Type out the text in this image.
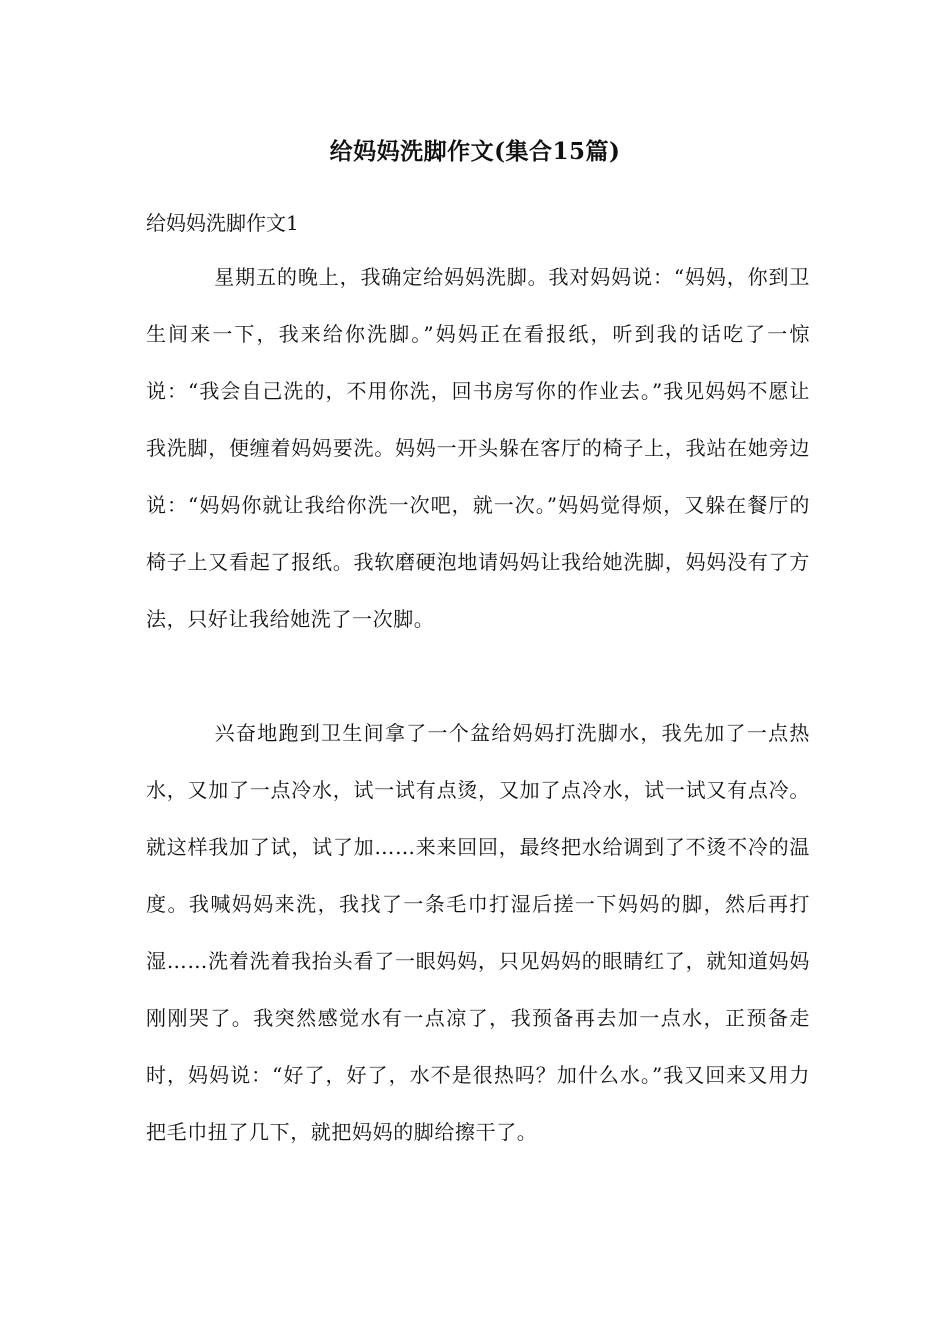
给妈妈洗脚作文(集合15篇)
给妈妈洗脚作文1

星期五的晚上，我确定给妈妈洗脚。我对妈妈说：“妈妈，你到卫生间来一下，我来给你洗脚。”妈妈正在看报纸，听到我的话吃了一惊说：“我会自己洗的，不用你洗，回书房写你的作业去。”我见妈妈不愿让我洗脚，便缠着妈妈要洗。妈妈一开头躲在客厅的椅子上，我站在她旁边说：“妈妈你就让我给你洗一次吧，就一次。”妈妈觉得烦，又躲在餐厅的椅子上又看起了报纸。我软磨硬泡地请妈妈让我给她洗脚，妈妈没有了方法，只好让我给她洗了一次脚。

兴奋地跑到卫生间拿了一个盆给妈妈打洗脚水，我先加了一点热水，又加了一点冷水，试一试有点烫，又加了点冷水，试一试又有点冷。就这样我加了试，试了加……来来回回，最终把水给调到了不烫不冷的温度。我喊妈妈来洗，我找了一条毛巾打湿后搓一下妈妈的脚，然后再打湿……洗着洗着我抬头看了一眼妈妈，只见妈妈的眼睛红了，就知道妈妈刚刚哭了。我突然感觉水有一点凉了，我预备再去加一点水，正预备走时，妈妈说：“好了，好了，水不是很热吗？加什么水。”我又回来又用力把毛巾扭了几下，就把妈妈的脚给擦干了。
